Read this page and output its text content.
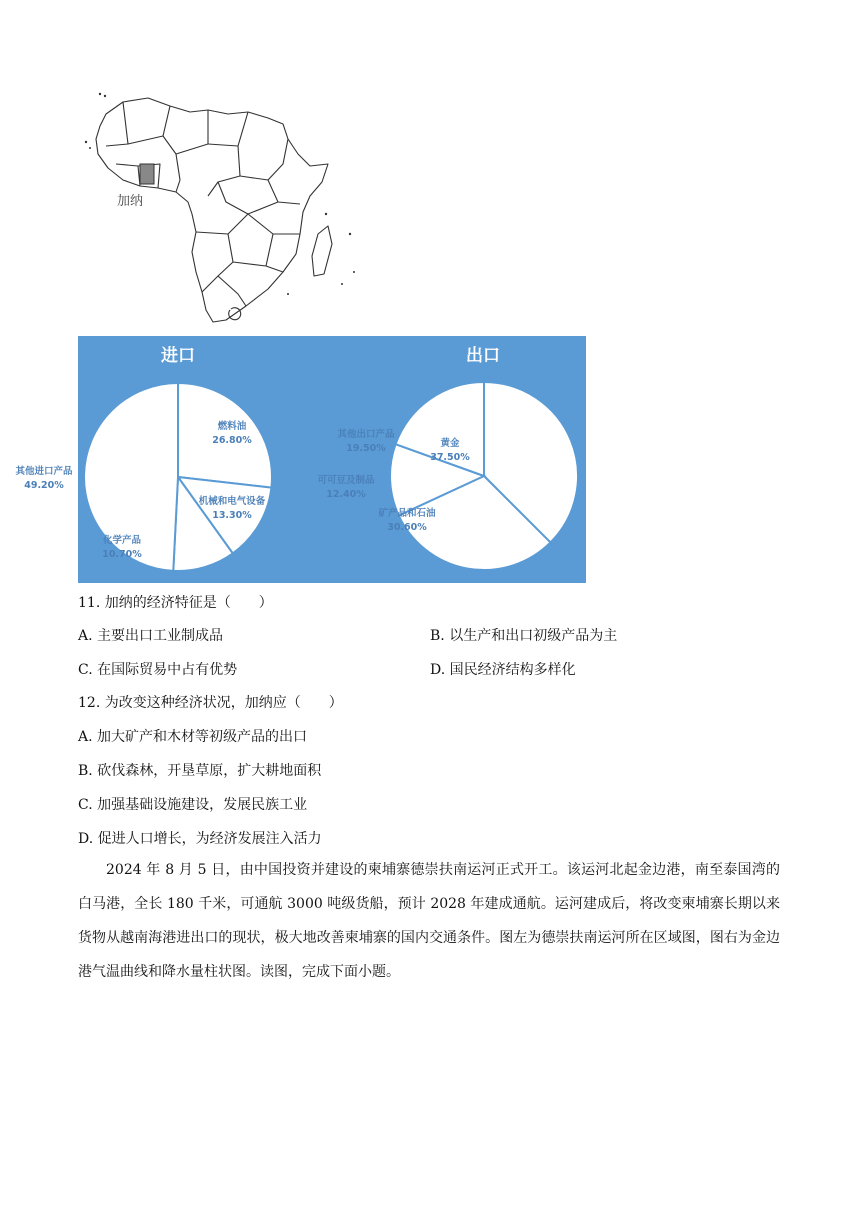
加纳
进口
燃料油
26.80%
机械和电气设备
13.30%
化学产品
10.70%
其他进口产品
49.20%
出口
黄金
37.50%
矿产品和石油
30.60%
可可豆及制品
12.40%
其他出口产品
19.50%
11. 加纳的经济特征是（　　）
A. 主要出口工业制成品	B. 以生产和出口初级产品为主
C. 在国际贸易中占有优势	D. 国民经济结构多样化
12. 为改变这种经济状况，加纳应（　　）
A. 加大矿产和木材等初级产品的出口
B. 砍伐森林，开垦草原，扩大耕地面积
C. 加强基础设施建设，发展民族工业
D. 促进人口增长，为经济发展注入活力
2024 年 8 月 5 日，由中国投资并建设的柬埔寨德崇扶南运河正式开工。该运河北起金边港，南至泰国湾的白马港，全长 180 千米，可通航 3000 吨级货船，预计 2028 年建成通航。运河建成后，将改变柬埔寨长期以来货物从越南海港进出口的现状，极大地改善柬埔寨的国内交通条件。图左为德崇扶南运河所在区域图，图右为金边港气温曲线和降水量柱状图。读图，完成下面小题。
